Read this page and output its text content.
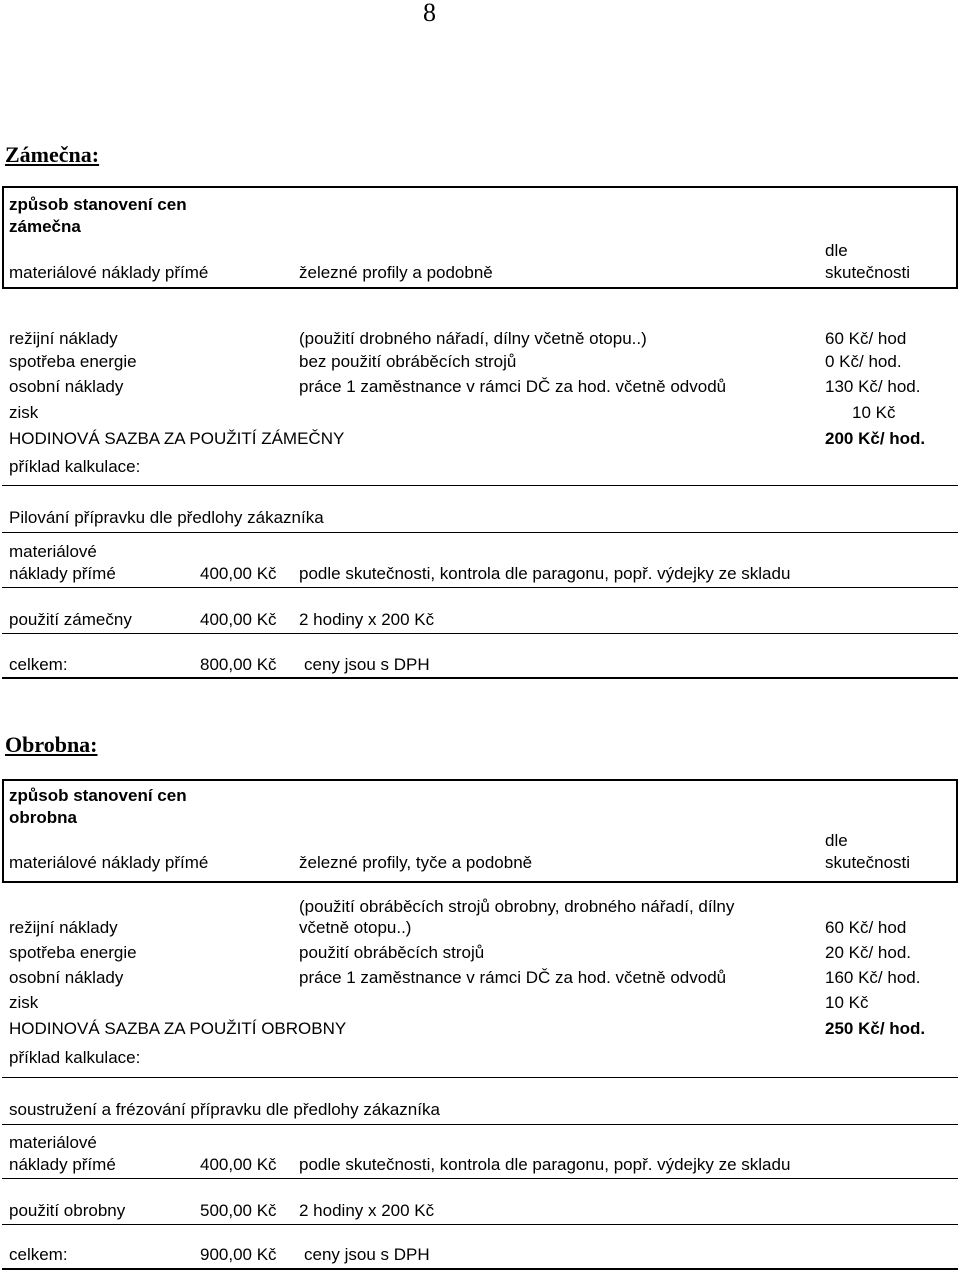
8
Zámečna:
způsob stanovení cen
zámečna
materiálové náklady přímé	železné profily a podobně
dle
skutečnosti
režijní náklady	(použití drobného nářadí, dílny včetně otopu..)	60 Kč/ hod
spotřeba energie	bez použití obráběcích strojů	0 Kč/ hod.
osobní náklady	práce 1 zaměstnance v rámci DČ za hod. včetně odvodů	130 Kč/ hod.
zisk	10 Kč
HODINOVÁ SAZBA ZA POUŽITÍ ZÁMEČNY	200 Kč/ hod.
příklad kalkulace:
Pilování přípravku dle předlohy zákazníka
materiálové
náklady přímé	400,00 Kč podle skutečnosti, kontrola dle paragonu, popř. výdejky ze skladu
použití zámečny	400,00 Kč 2 hodiny x 200 Kč
celkem:	800,00 Kč ceny jsou s DPH
Obrobna:
způsob stanovení cen
obrobna
materiálové náklady přímé	železné profily, tyče a podobně
dle
skutečnosti
(použití obráběcích strojů obrobny, drobného nářadí, dílny
režijní náklady	včetně otopu..)	60 Kč/ hod
spotřeba energie	použití obráběcích strojů	20 Kč/ hod.
osobní náklady	práce 1 zaměstnance v rámci DČ za hod. včetně odvodů	160 Kč/ hod.
zisk	10 Kč
HODINOVÁ SAZBA ZA POUŽITÍ OBROBNY	250 Kč/ hod.
příklad kalkulace:
soustružení a frézování přípravku dle předlohy zákazníka
materiálové
náklady přímé	400,00 Kč podle skutečnosti, kontrola dle paragonu, popř. výdejky ze skladu
použití obrobny	500,00 Kč 2 hodiny x 200 Kč
celkem:	900,00 Kč ceny jsou s DPH
